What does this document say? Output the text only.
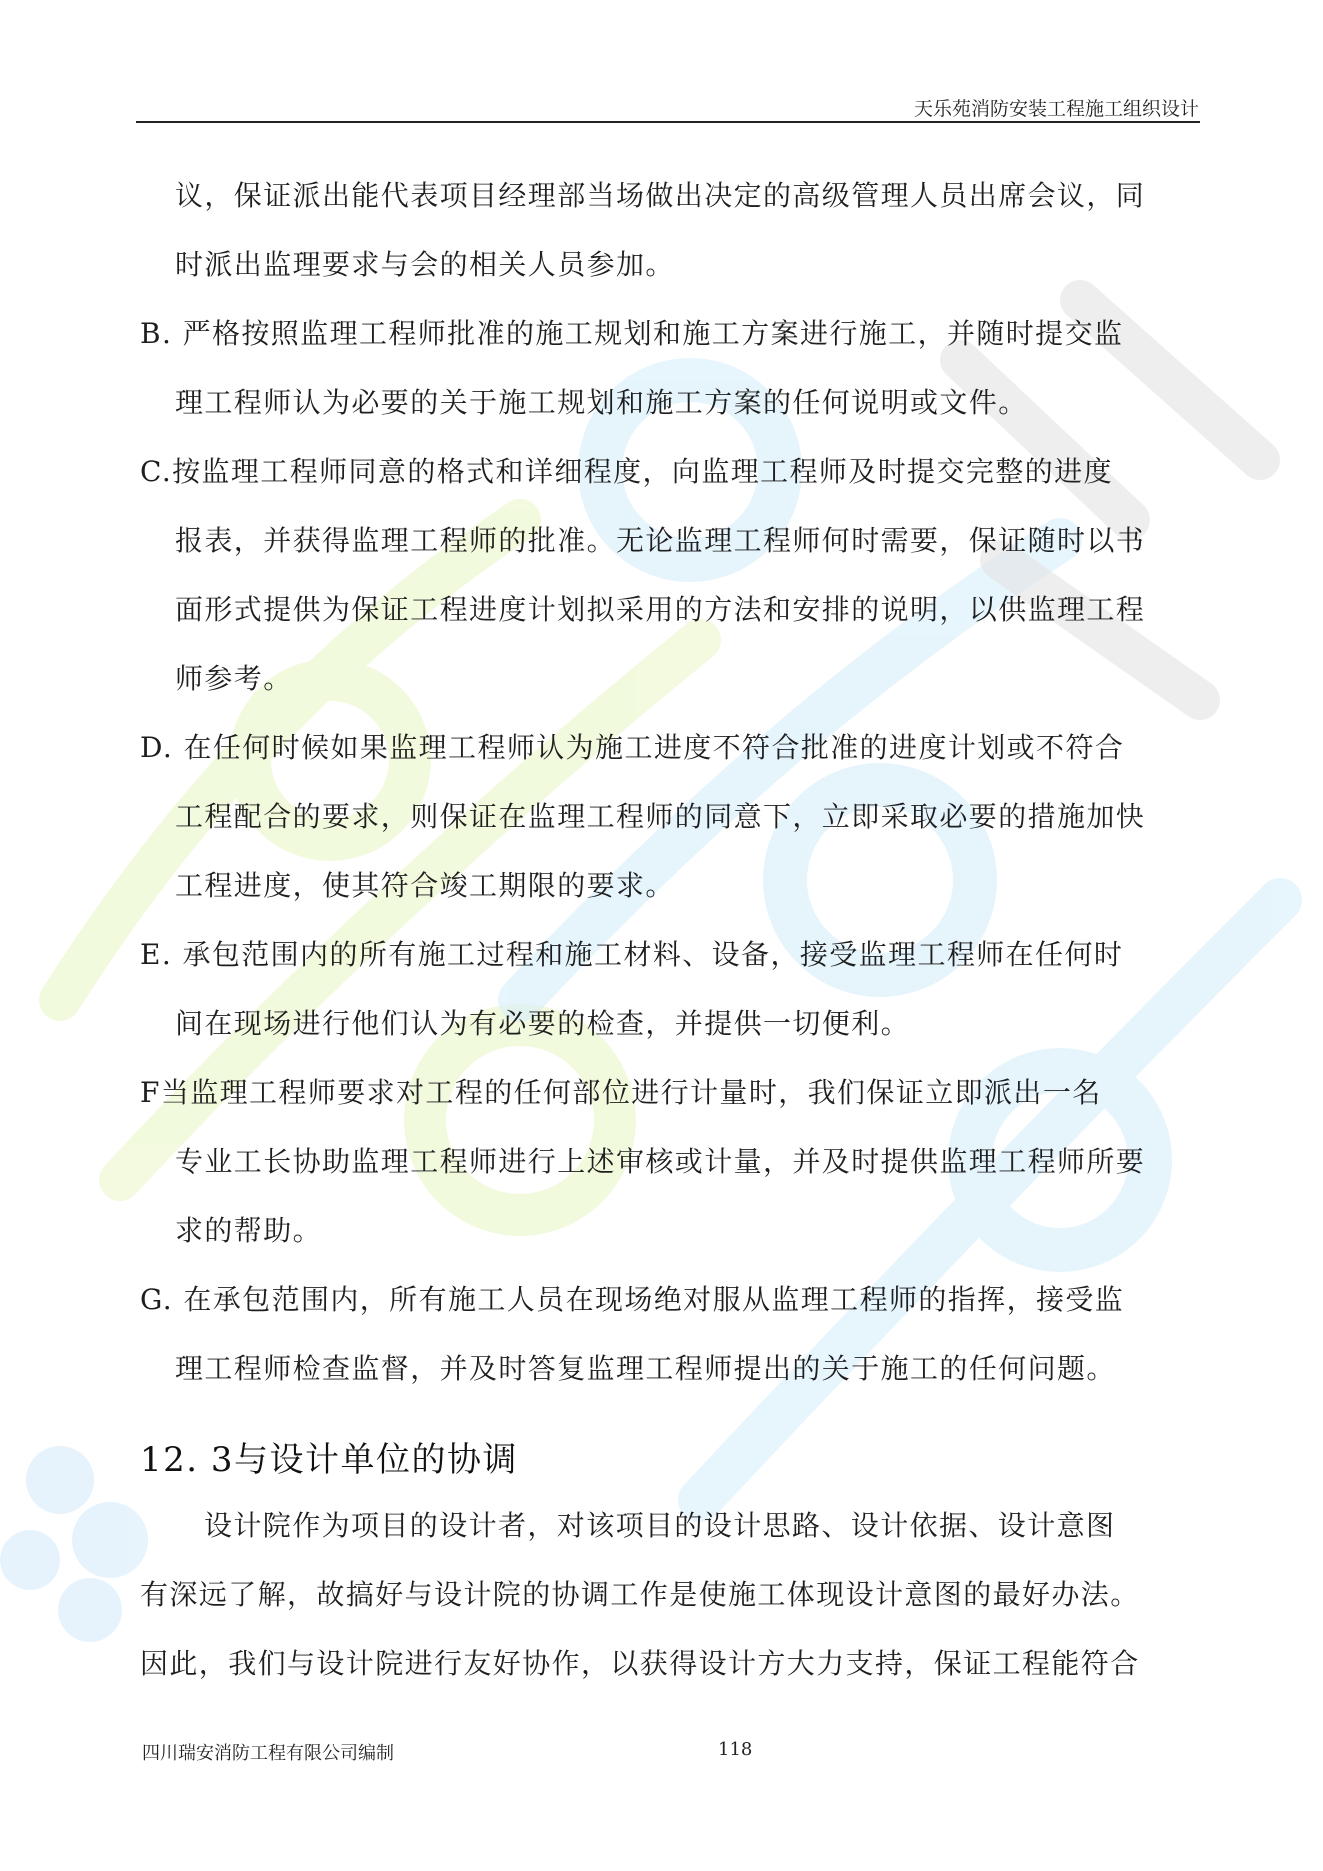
天乐苑消防安装工程施工组织设计
议，保证派出能代表项目经理部当场做出决定的高级管理人员出席会议，同
时派出监理要求与会的相关人员参加。
B. 严格按照监理工程师批准的施工规划和施工方案进行施工，并随时提交监
理工程师认为必要的关于施工规划和施工方案的任何说明或文件。
C.按监理工程师同意的格式和详细程度，向监理工程师及时提交完整的进度
报表，并获得监理工程师的批准。无论监理工程师何时需要，保证随时以书
面形式提供为保证工程进度计划拟采用的方法和安排的说明，以供监理工程
师参考。
D. 在任何时候如果监理工程师认为施工进度不符合批准的进度计划或不符合
工程配合的要求，则保证在监理工程师的同意下，立即采取必要的措施加快
工程进度，使其符合竣工期限的要求。
E. 承包范围内的所有施工过程和施工材料、设备，接受监理工程师在任何时
间在现场进行他们认为有必要的检查，并提供一切便利。
F当监理工程师要求对工程的任何部位进行计量时，我们保证立即派出一名
专业工长协助监理工程师进行上述审核或计量，并及时提供监理工程师所要
求的帮助。
G. 在承包范围内，所有施工人员在现场绝对服从监理工程师的指挥，接受监
理工程师检查监督，并及时答复监理工程师提出的关于施工的任何问题。
12. 3与设计单位的协调
设计院作为项目的设计者，对该项目的设计思路、设计依据、设计意图
有深远了解，故搞好与设计院的协调工作是使施工体现设计意图的最好办法。
因此，我们与设计院进行友好协作，以获得设计方大力支持，保证工程能符合
四川瑞安消防工程有限公司编制	118
